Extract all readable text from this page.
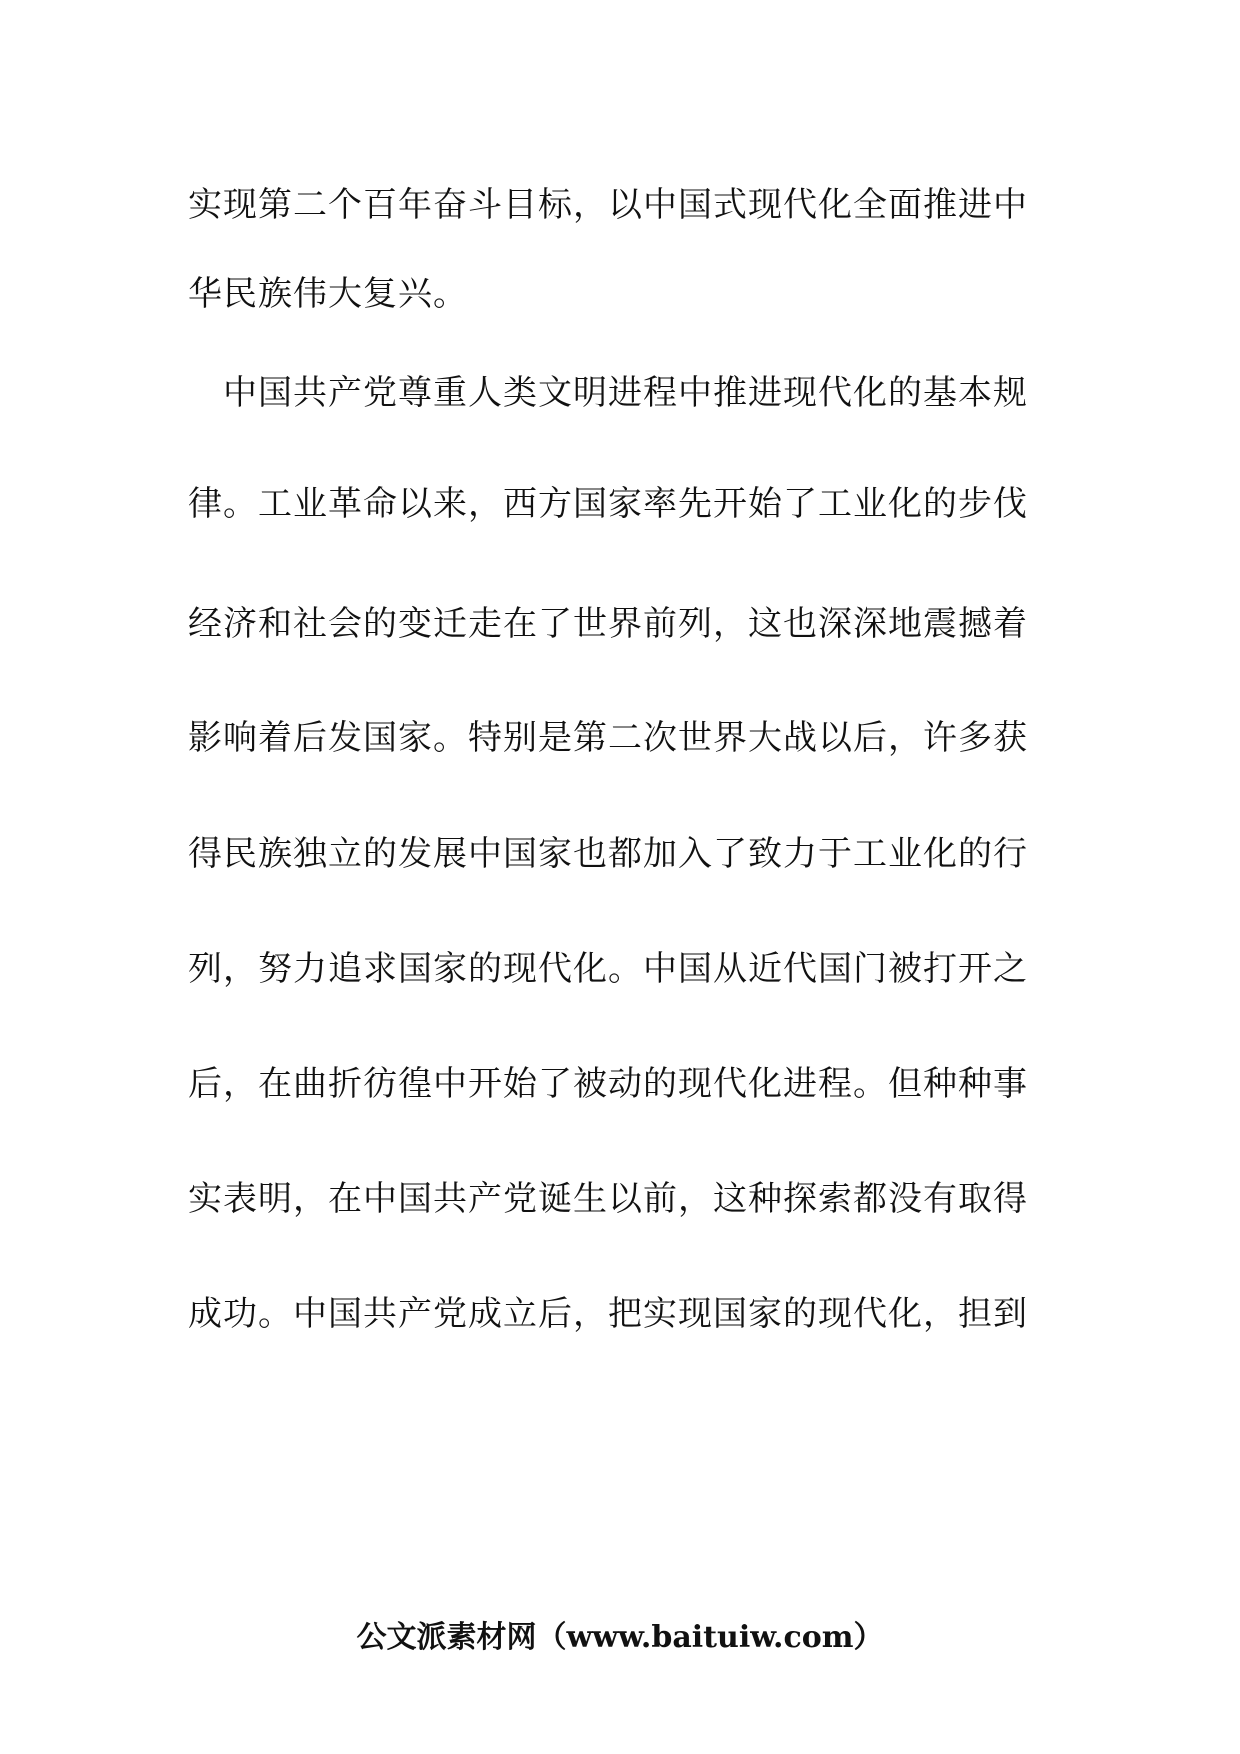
实现第二个百年奋斗目标，以中国式现代化全面推进中
华民族伟大复兴。
　中国共产党尊重人类文明进程中推进现代化的基本规
律。工业革命以来，西方国家率先开始了工业化的步伐
经济和社会的变迁走在了世界前列，这也深深地震撼着
影响着后发国家。特别是第二次世界大战以后，许多获
得民族独立的发展中国家也都加入了致力于工业化的行
列，努力追求国家的现代化。中国从近代国门被打开之
后，在曲折彷徨中开始了被动的现代化进程。但种种事
实表明，在中国共产党诞生以前，这种探索都没有取得
成功。中国共产党成立后，把实现国家的现代化，担到
公文派素材网（www.baituiw.com）
